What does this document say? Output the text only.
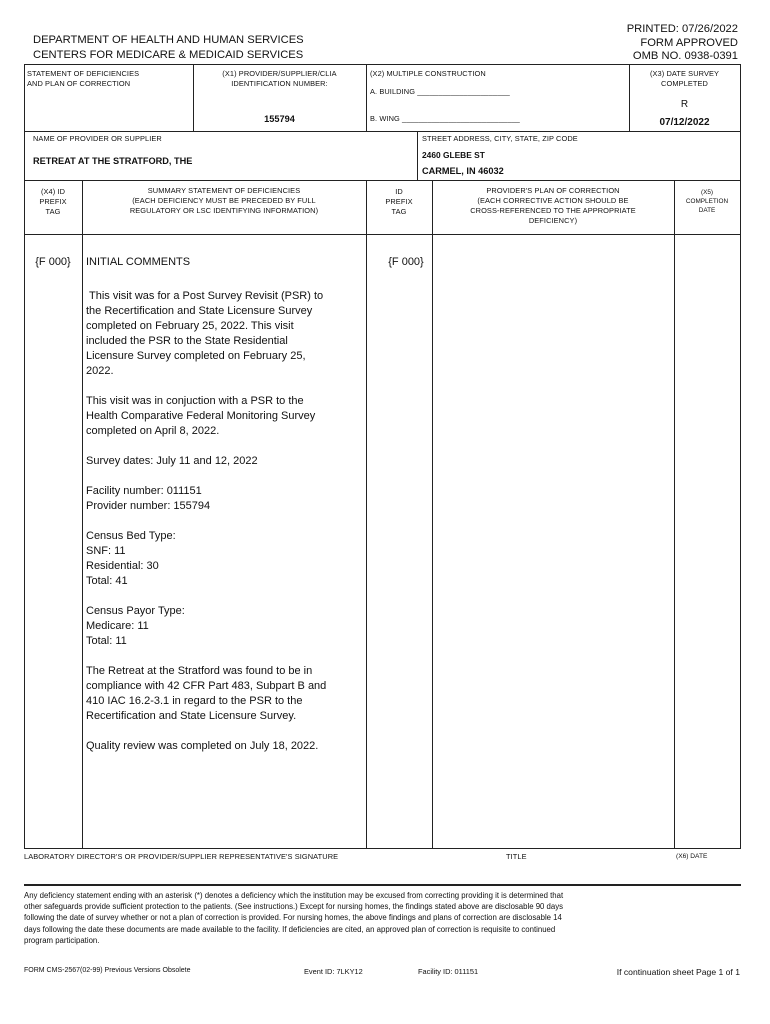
DEPARTMENT OF HEALTH AND HUMAN SERVICES
CENTERS FOR MEDICARE & MEDICAID SERVICES
PRINTED: 07/26/2022
FORM APPROVED
OMB NO. 0938-0391
STATEMENT OF DEFICIENCIES
AND PLAN OF CORRECTION
(X1) PROVIDER/SUPPLIER/CLIA
IDENTIFICATION NUMBER:
155794
(X2) MULTIPLE CONSTRUCTION
A. BUILDING ______________________
B. WING ____________________________
(X3) DATE SURVEY
COMPLETED
R
07/12/2022
NAME OF PROVIDER OR SUPPLIER
RETREAT AT THE STRATFORD, THE
STREET ADDRESS, CITY, STATE, ZIP CODE
2460 GLEBE ST
CARMEL, IN 46032
(X4) ID
PREFIX
TAG
SUMMARY STATEMENT OF DEFICIENCIES
(EACH DEFICIENCY MUST BE PRECEDED BY FULL
REGULATORY OR LSC IDENTIFYING INFORMATION)
ID
PREFIX
TAG
PROVIDER'S PLAN OF CORRECTION
(EACH CORRECTIVE ACTION SHOULD BE
CROSS-REFERENCED TO THE APPROPRIATE
DEFICIENCY)
(X5)
COMPLETION
DATE
{F 000}	{F 000}
INITIAL COMMENTS
This visit was for a Post Survey Revisit (PSR) to
the Recertification and State Licensure Survey
completed on February 25, 2022. This visit
included the PSR to the State Residential
Licensure Survey completed on February 25,
2022.
This visit was in conjuction with a PSR to the
Health Comparative Federal Monitoring Survey
completed on April 8, 2022.
Survey dates: July 11 and 12, 2022
Facility number: 011151
Provider number: 155794
Census Bed Type:
SNF: 11
Residential: 30
Total: 41
Census Payor Type:
Medicare: 11
Total: 11
The Retreat at the Stratford was found to be in
compliance with 42 CFR Part 483, Subpart B and
410 IAC 16.2-3.1 in regard to the PSR to the
Recertification and State Licensure Survey.
Quality review was completed on July 18, 2022.
LABORATORY DIRECTOR'S OR PROVIDER/SUPPLIER REPRESENTATIVE'S SIGNATURE	TITLE	(X6) DATE
Any deficiency statement ending with an asterisk (*) denotes a deficiency which the institution may be excused from correcting providing it is determined that
other safeguards provide sufficient protection to the patients. (See instructions.) Except for nursing homes, the findings stated above are disclosable 90 days
following the date of survey whether or not a plan of correction is provided. For nursing homes, the above findings and plans of correction are disclosable 14
days following the date these documents are made available to the facility. If deficiencies are cited, an approved plan of correction is requisite to continued
program participation.
FORM CMS-2567(02-99) Previous Versions Obsolete	Event ID: 7LKY12	Facility ID: 011151	If continuation sheet Page 1 of 1
